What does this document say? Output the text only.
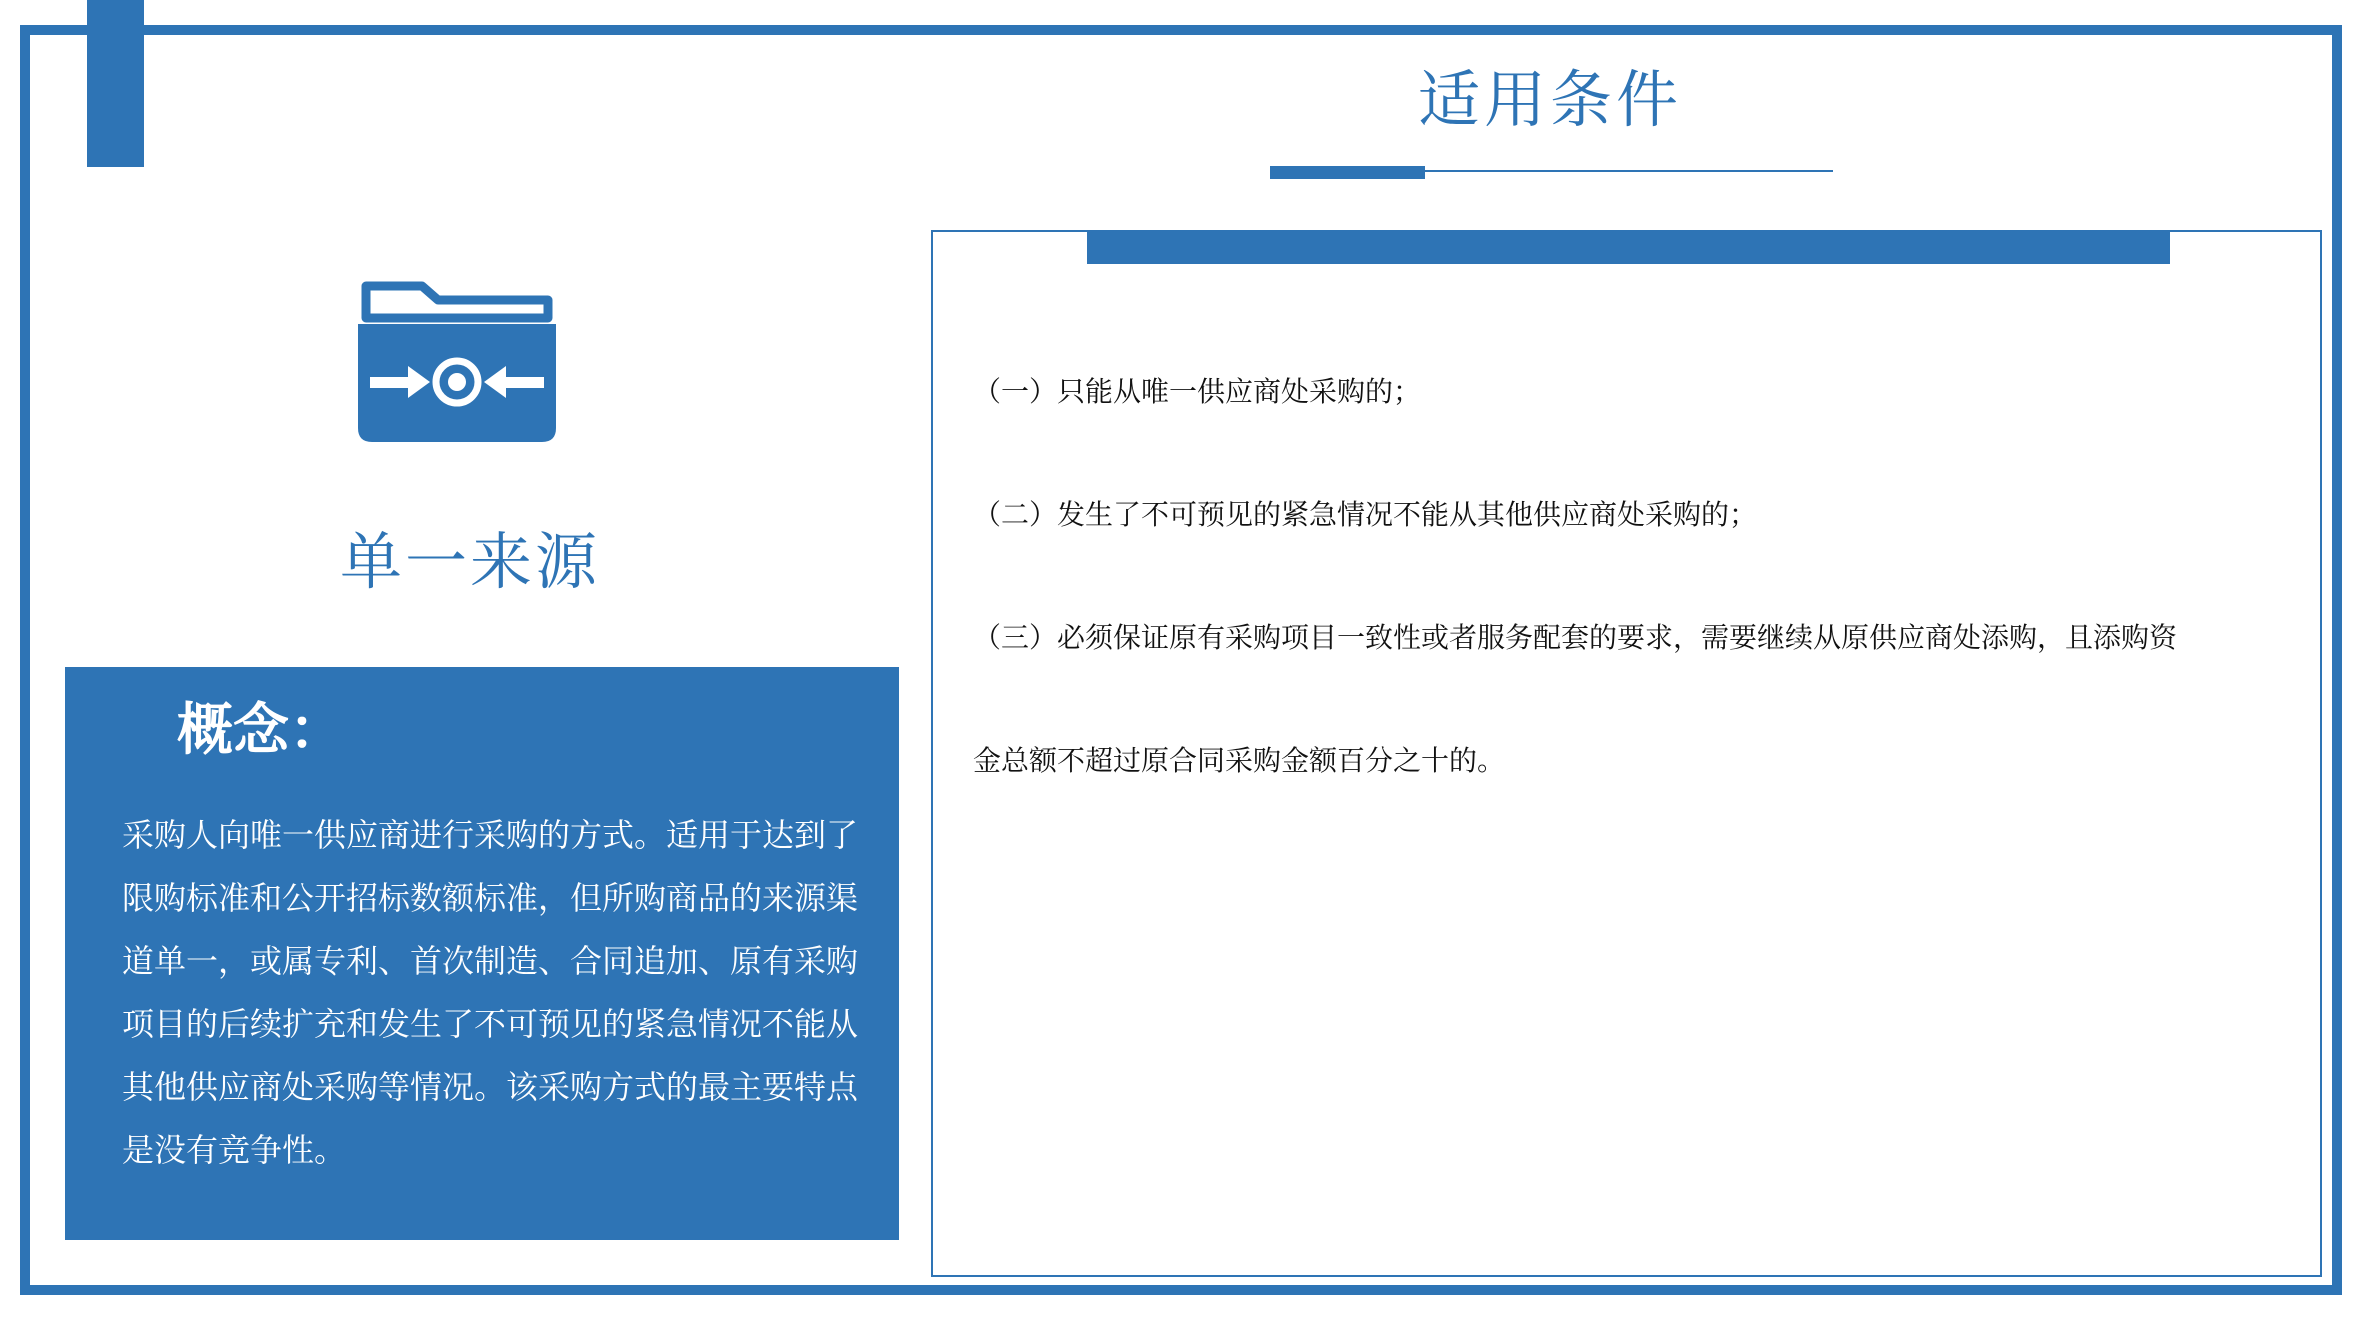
适用条件
单一来源
概念：
采购人向唯一供应商进行采购的方式。适用于达到了限购标准和公开招标数额标准，但所购商品的来源渠道单一，或属专利、首次制造、合同追加、原有采购项目的后续扩充和发生了不可预见的紧急情况不能从其他供应商处采购等情况。该采购方式的最主要特点是没有竞争性。
（一）只能从唯一供应商处采购的；
（二）发生了不可预见的紧急情况不能从其他供应商处采购的；
（三）必须保证原有采购项目一致性或者服务配套的要求，需要继续从原供应商处添购，且添购资
金总额不超过原合同采购金额百分之十的。
